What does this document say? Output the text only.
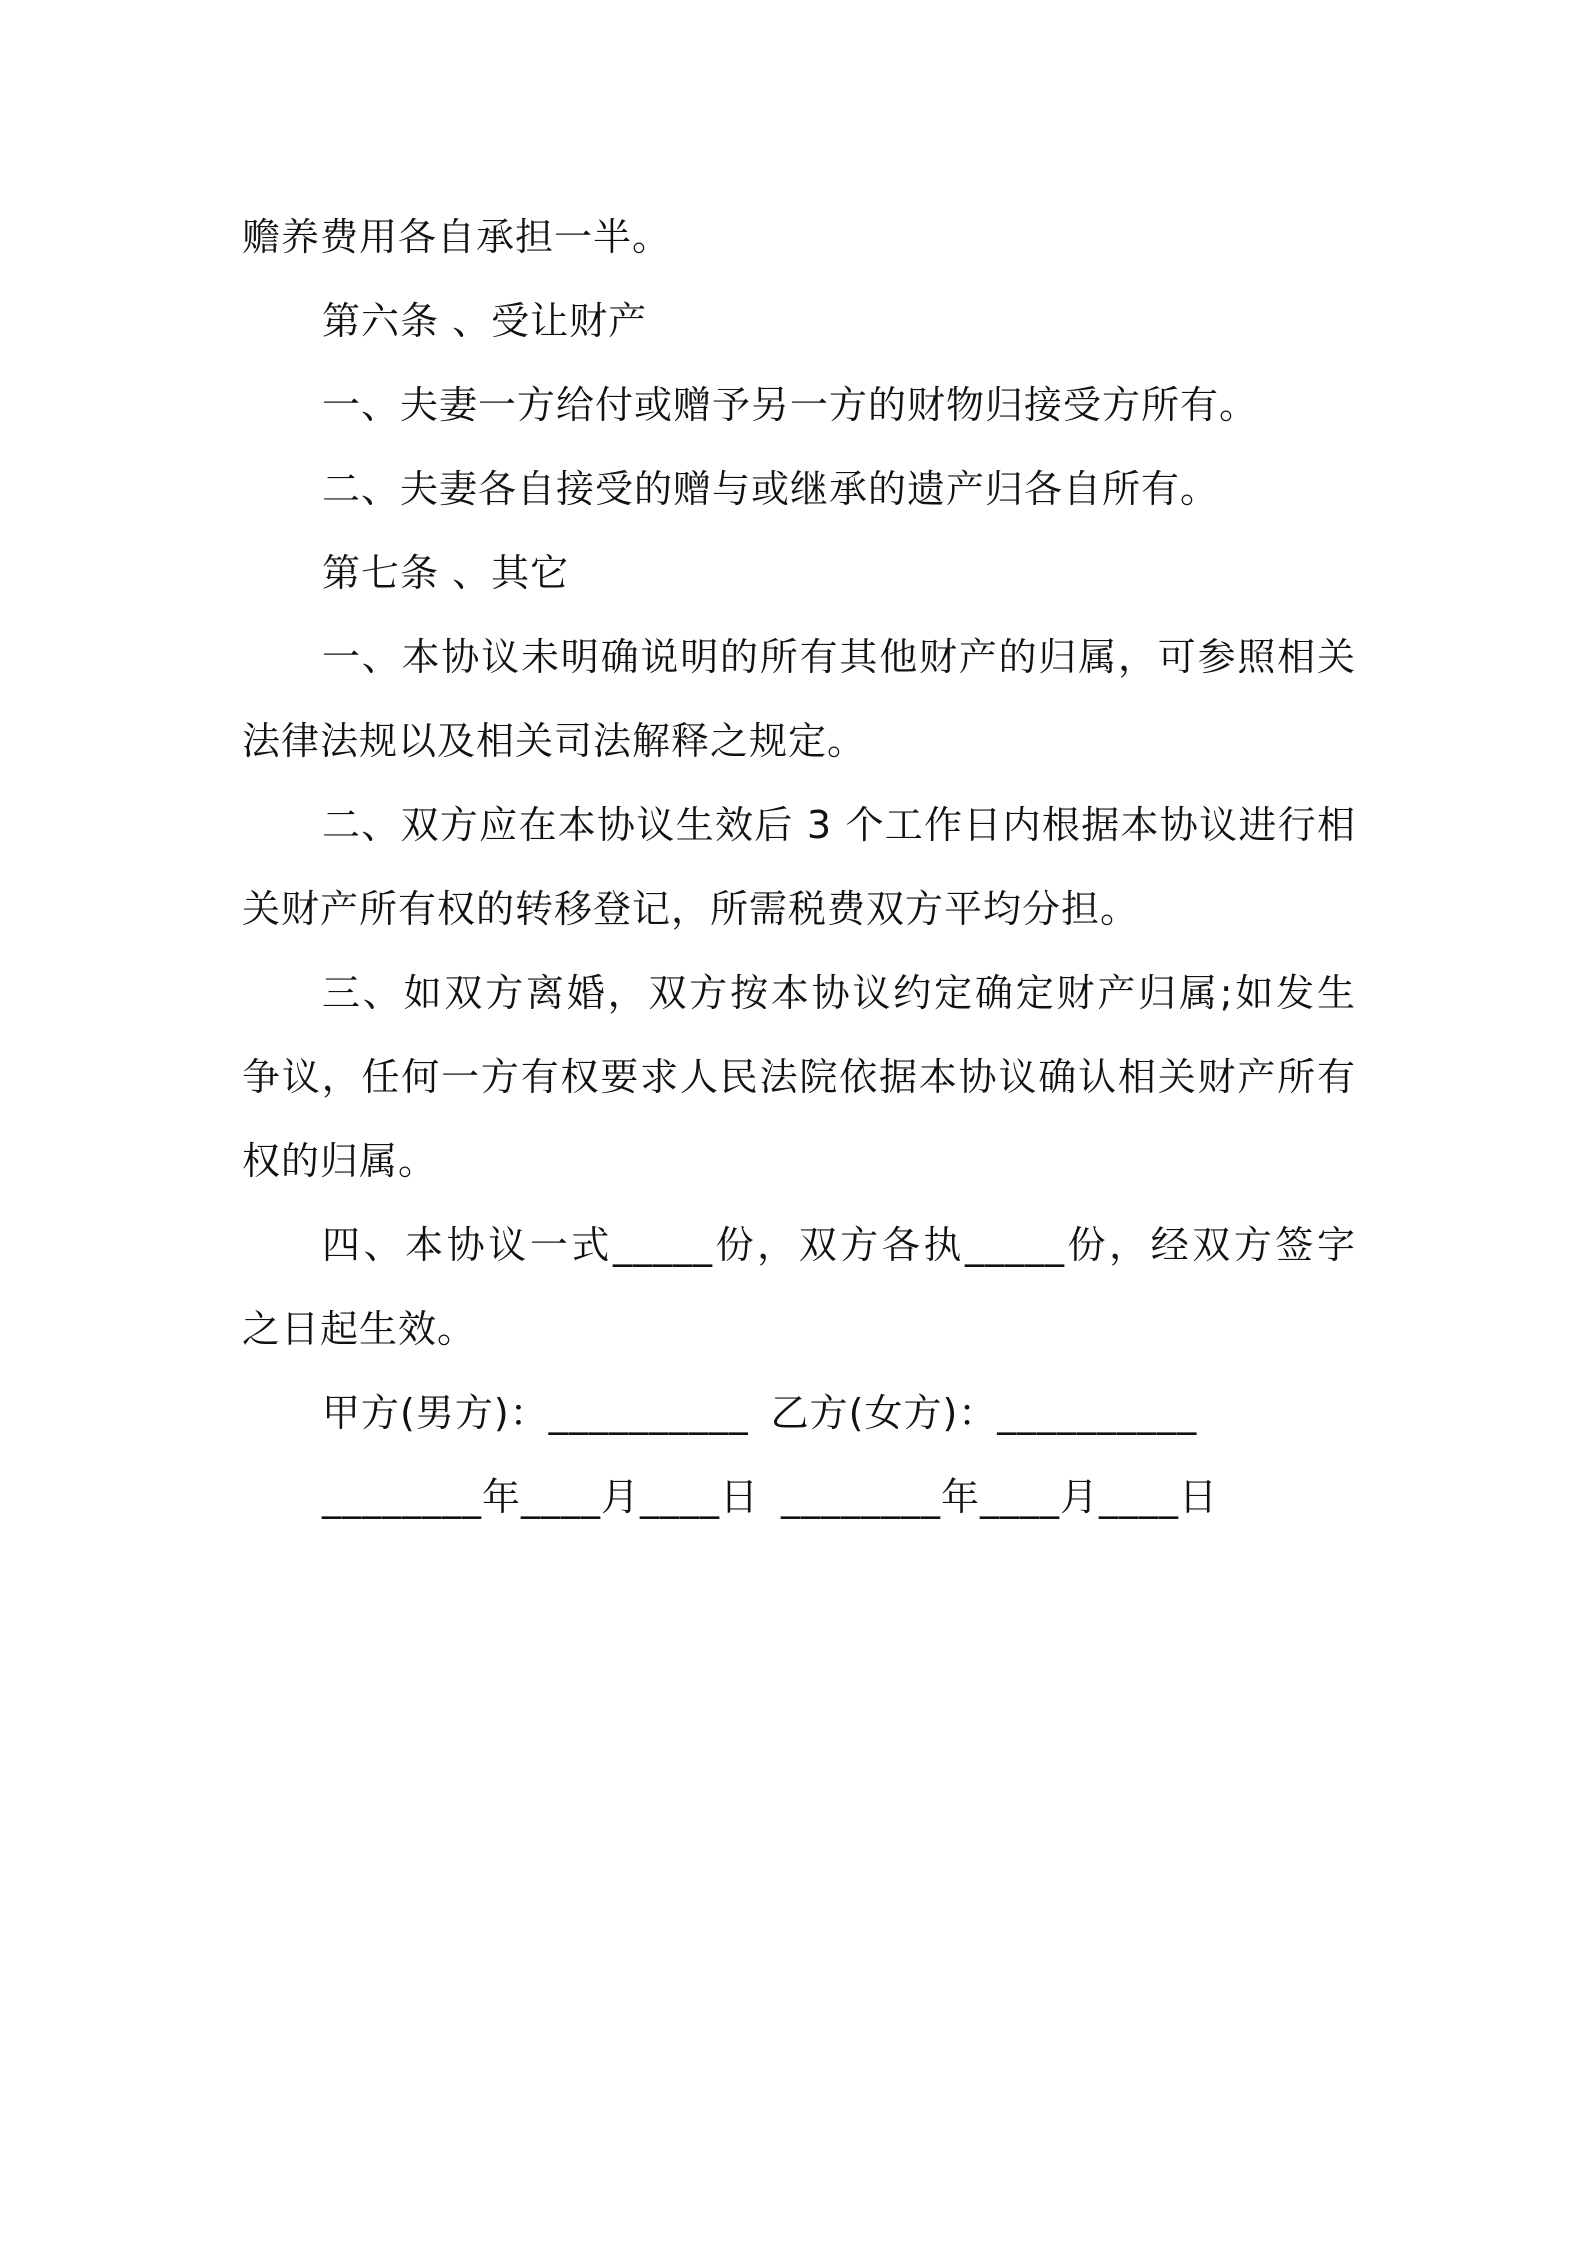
赡养费用各自承担一半。
第六条 、受让财产
一、夫妻一方给付或赠予另一方的财物归接受方所有。
二、夫妻各自接受的赠与或继承的遗产归各自所有。
第七条 、其它
一、本协议未明确说明的所有其他财产的归属，可参照相关
法律法规以及相关司法解释之规定。
二、双方应在本协议生效后 3 个工作日内根据本协议进行相
关财产所有权的转移登记，所需税费双方平均分担。
三、如双方离婚，双方按本协议约定确定财产归属;如发生
争议，任何一方有权要求人民法院依据本协议确认相关财产所有
权的归属。
四、本协议一式_____份，双方各执_____份，经双方签字
之日起生效。
甲方(男方)：__________ 乙方(女方)：__________
________年____月____日 ________年____月____日
